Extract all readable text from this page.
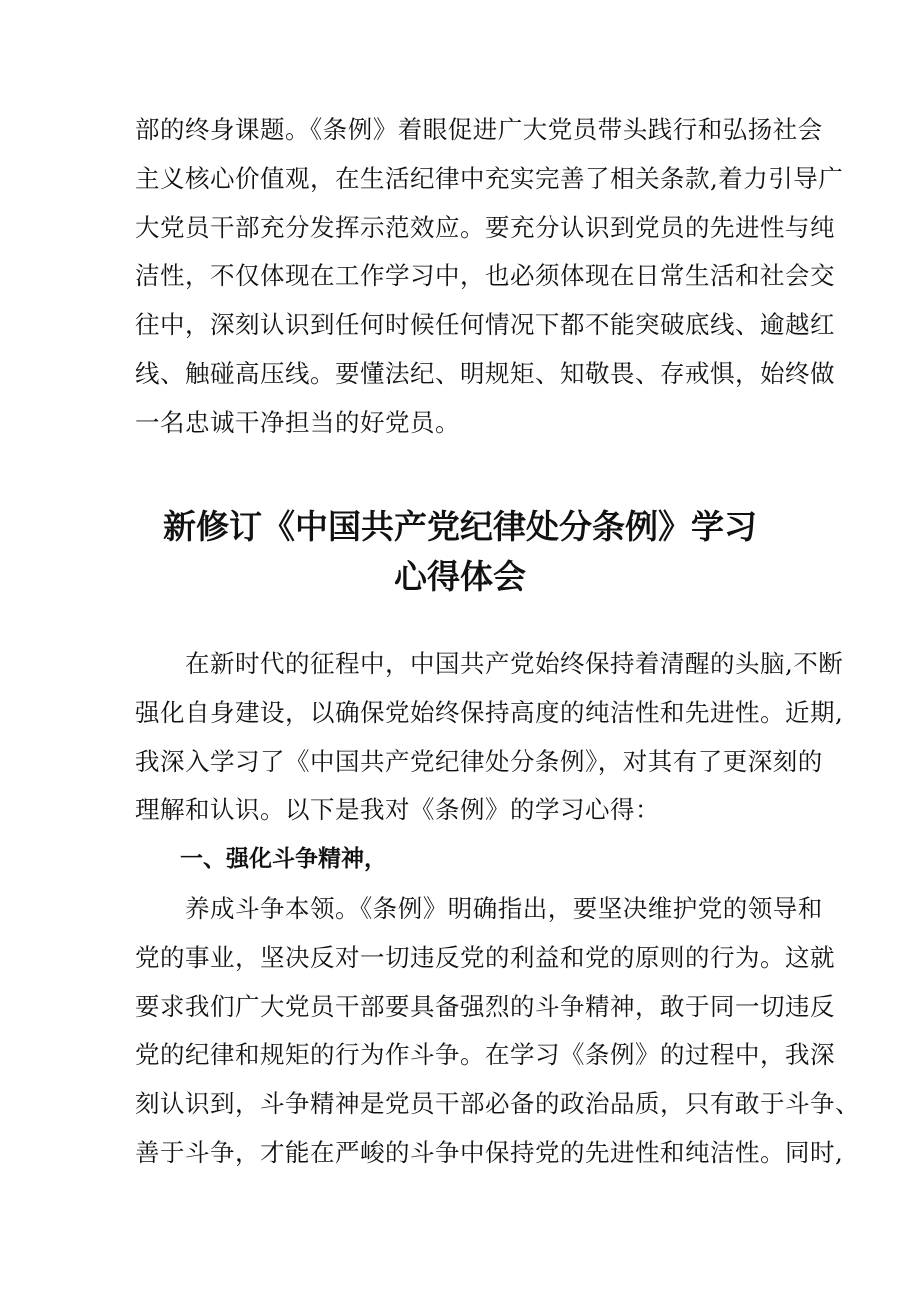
部的终身课题。《条例》着眼促进广大党员带头践行和弘扬社会
主义核心价值观，在生活纪律中充实完善了相关条款,着力引导广
大党员干部充分发挥示范效应。要充分认识到党员的先进性与纯
洁性，不仅体现在工作学习中，也必须体现在日常生活和社会交
往中，深刻认识到任何时候任何情况下都不能突破底线、逾越红
线、触碰高压线。要懂法纪、明规矩、知敬畏、存戒惧，始终做
一名忠诚干净担当的好党员。

新修订《中国共产党纪律处分条例》学习
心得体会

　　在新时代的征程中，中国共产党始终保持着清醒的头脑,不断
强化自身建设，以确保党始终保持高度的纯洁性和先进性。近期,
我深入学习了《中国共产党纪律处分条例》，对其有了更深刻的
理解和认识。以下是我对《条例》的学习心得：

一、强化斗争精神，

　　养成斗争本领。《条例》明确指出，要坚决维护党的领导和
党的事业，坚决反对一切违反党的利益和党的原则的行为。这就
要求我们广大党员干部要具备强烈的斗争精神，敢于同一切违反
党的纪律和规矩的行为作斗争。在学习《条例》的过程中，我深
刻认识到，斗争精神是党员干部必备的政治品质，只有敢于斗争、
善于斗争，才能在严峻的斗争中保持党的先进性和纯洁性。同时,
